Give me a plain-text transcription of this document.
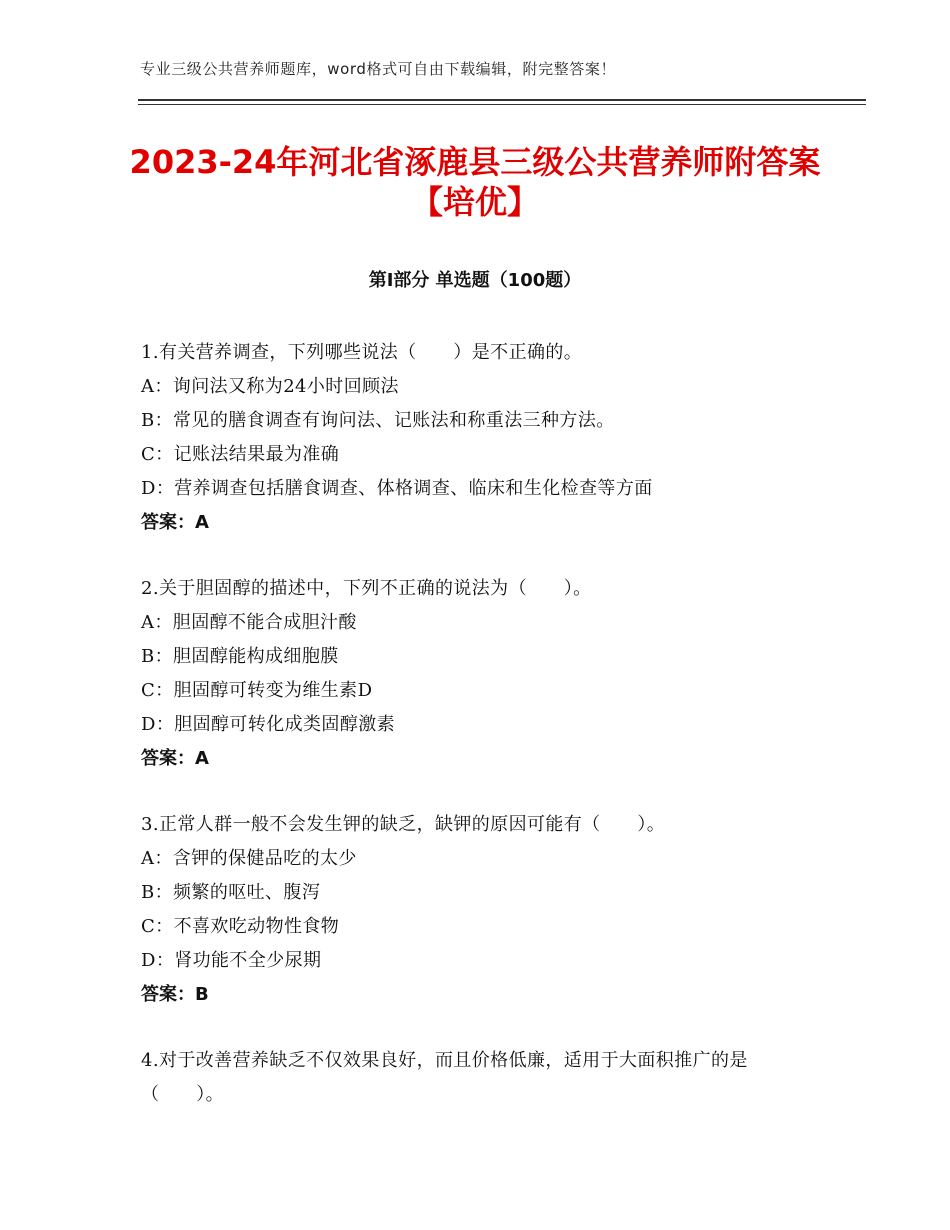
专业三级公共营养师题库，word格式可自由下载编辑，附完整答案！
2023-24年河北省涿鹿县三级公共营养师附答案【培优】
第Ⅰ部分 单选题（100题）
1.有关营养调查，下列哪些说法（　　）是不正确的。
A：询问法又称为24小时回顾法
B：常见的膳食调查有询问法、记账法和称重法三种方法。
C：记账法结果最为准确
D：营养调查包括膳食调查、体格调查、临床和生化检查等方面
答案：A
2.关于胆固醇的描述中，下列不正确的说法为（　　）。
A：胆固醇不能合成胆汁酸
B：胆固醇能构成细胞膜
C：胆固醇可转变为维生素D
D：胆固醇可转化成类固醇激素
答案：A
3.正常人群一般不会发生钾的缺乏，缺钾的原因可能有（　　）。
A：含钾的保健品吃的太少
B：频繁的呕吐、腹泻
C：不喜欢吃动物性食物
D：肾功能不全少尿期
答案：B
4.对于改善营养缺乏不仅效果良好，而且价格低廉，适用于大面积推广的是（　　）。
